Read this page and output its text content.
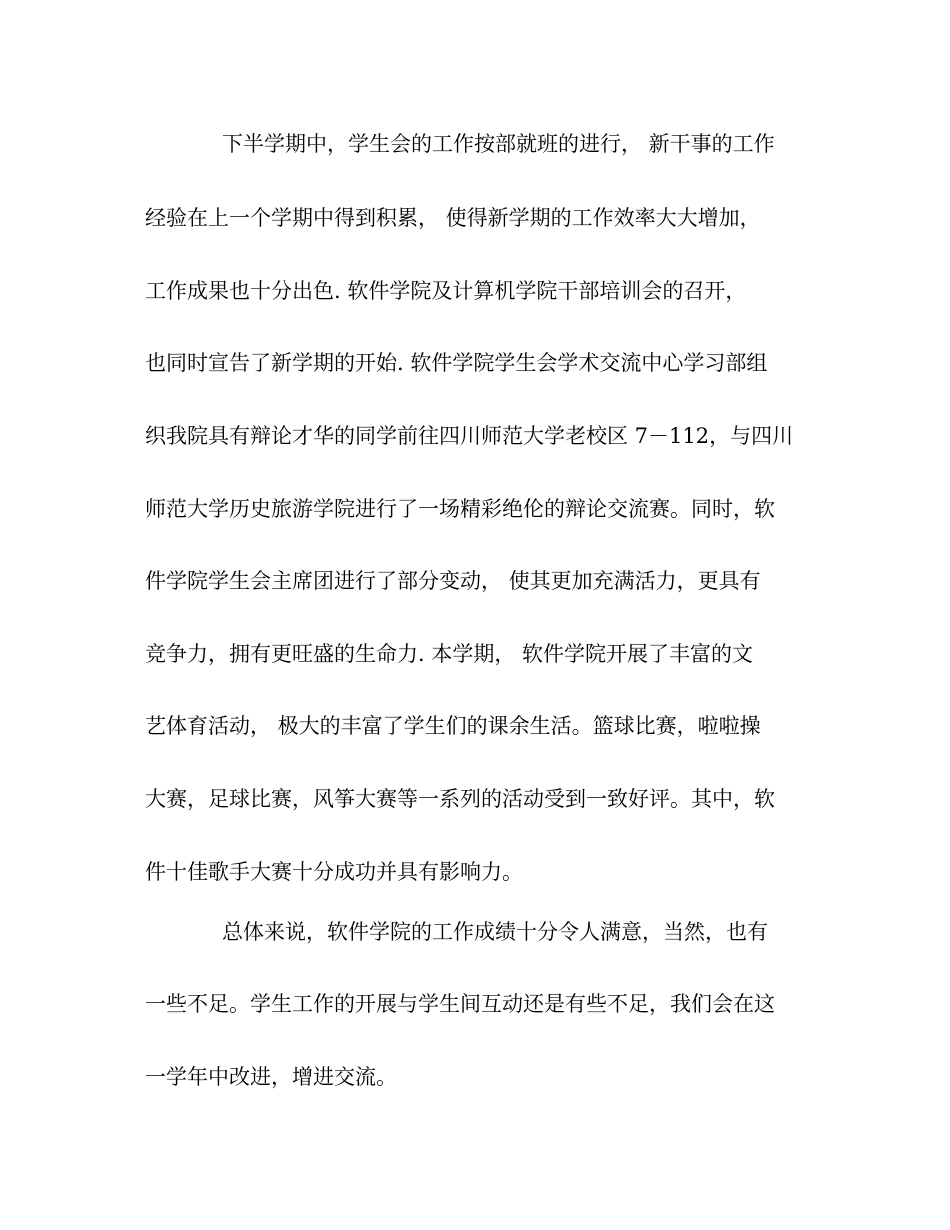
下半学期中，学生会的工作按部就班的进行， 新干事的工作
经验在上一个学期中得到积累， 使得新学期的工作效率大大增加，
工作成果也十分出色. 软件学院及计算机学院干部培训会的召开，
也同时宣告了新学期的开始. 软件学院学生会学术交流中心学习部组
织我院具有辩论才华的同学前往四川师范大学老校区 7－112，与四川
师范大学历史旅游学院进行了一场精彩绝伦的辩论交流赛。同时，软
件学院学生会主席团进行了部分变动， 使其更加充满活力，更具有
竞争力，拥有更旺盛的生命力. 本学期， 软件学院开展了丰富的文
艺体育活动， 极大的丰富了学生们的课余生活。篮球比赛，啦啦操
大赛，足球比赛，风筝大赛等一系列的活动受到一致好评。其中，软
件十佳歌手大赛十分成功并具有影响力。
总体来说，软件学院的工作成绩十分令人满意，当然，也有
一些不足。学生工作的开展与学生间互动还是有些不足，我们会在这
一学年中改进，增进交流。
